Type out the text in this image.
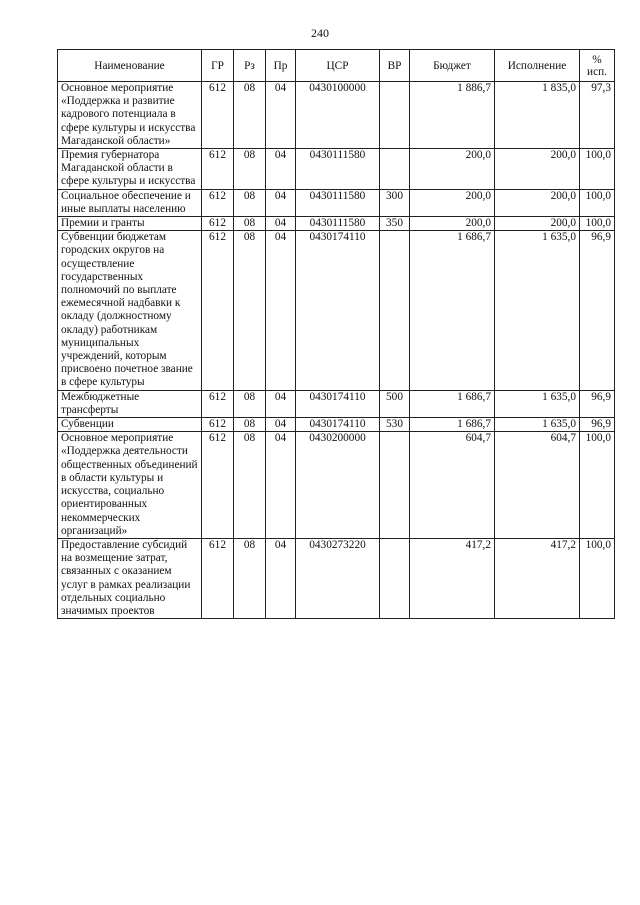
240
Наименование	ГР	Рз	Пр	ЦСР	ВР	Бюджет	Исполнение	%
исп.
Основное мероприятие «Поддержка и развитие кадрового потенциала в сфере культуры и искусства Магаданской области»	612	08	04	0430100000		1 886,7	1 835,0	97,3
Премия губернатора Магаданской области в сфере культуры и искусства	612	08	04	0430111580		200,0	200,0	100,0
Социальное обеспечение и иные выплаты населению	612	08	04	0430111580	300	200,0	200,0	100,0
Премии и гранты	612	08	04	0430111580	350	200,0	200,0	100,0
Субвенции бюджетам городских округов на осуществление государственных полномочий по выплате ежемесячной надбавки к окладу (должностному окладу) работникам муниципальных учреждений, которым присвоено почетное звание в сфере культуры	612	08	04	0430174110		1 686,7	1 635,0	96,9
Межбюджетные трансферты	612	08	04	0430174110	500	1 686,7	1 635,0	96,9
Субвенции	612	08	04	0430174110	530	1 686,7	1 635,0	96,9
Основное мероприятие «Поддержка деятельности общественных объединений в области культуры и искусства, социально ориентированных некоммерческих организаций»	612	08	04	0430200000		604,7	604,7	100,0
Предоставление субсидий на возмещение затрат, связанных с оказанием услуг в рамках реализации отдельных социально значимых проектов	612	08	04	0430273220		417,2	417,2	100,0
